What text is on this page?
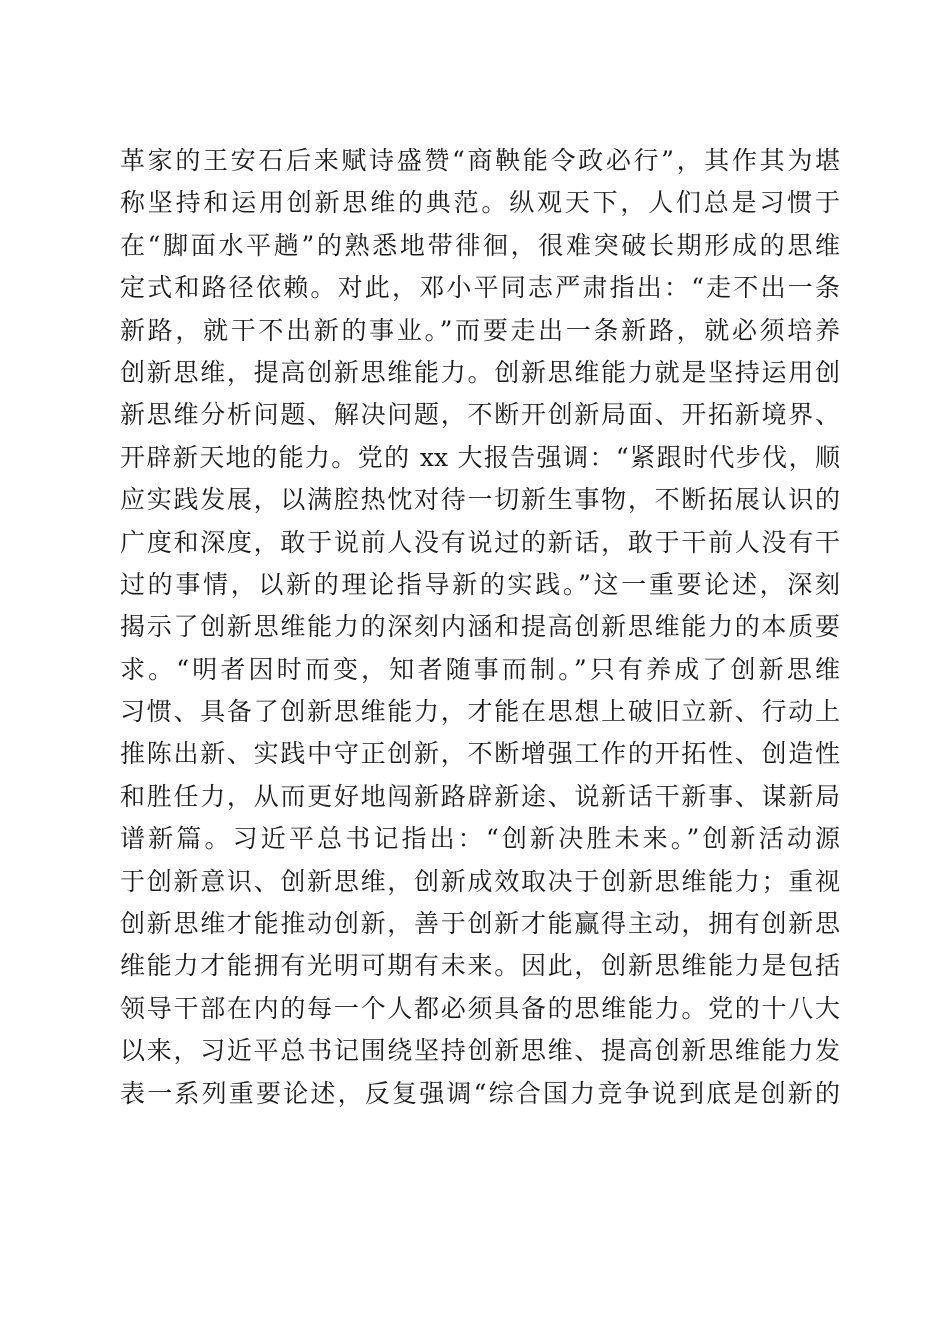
革家的王安石后来赋诗盛赞“商鞅能令政必行”，其作其为堪
称坚持和运用创新思维的典范。纵观天下，人们总是习惯于
在“脚面水平趟”的熟悉地带徘徊，很难突破长期形成的思维
定式和路径依赖。对此，邓小平同志严肃指出：“走不出一条
新路，就干不出新的事业。”而要走出一条新路，就必须培养
创新思维，提高创新思维能力。创新思维能力就是坚持运用创
新思维分析问题、解决问题，不断开创新局面、开拓新境界、
开辟新天地的能力。党的 xx 大报告强调：“紧跟时代步伐，顺
应实践发展，以满腔热忱对待一切新生事物，不断拓展认识的
广度和深度，敢于说前人没有说过的新话，敢于干前人没有干
过的事情，以新的理论指导新的实践。”这一重要论述，深刻
揭示了创新思维能力的深刻内涵和提高创新思维能力的本质要
求。“明者因时而变，知者随事而制。”只有养成了创新思维
习惯、具备了创新思维能力，才能在思想上破旧立新、行动上
推陈出新、实践中守正创新，不断增强工作的开拓性、创造性
和胜任力，从而更好地闯新路辟新途、说新话干新事、谋新局
谱新篇。习近平总书记指出：“创新决胜未来。”创新活动源
于创新意识、创新思维，创新成效取决于创新思维能力；重视
创新思维才能推动创新，善于创新才能赢得主动，拥有创新思
维能力才能拥有光明可期有未来。因此，创新思维能力是包括
领导干部在内的每一个人都必须具备的思维能力。党的十八大
以来，习近平总书记围绕坚持创新思维、提高创新思维能力发
表一系列重要论述，反复强调“综合国力竞争说到底是创新的
